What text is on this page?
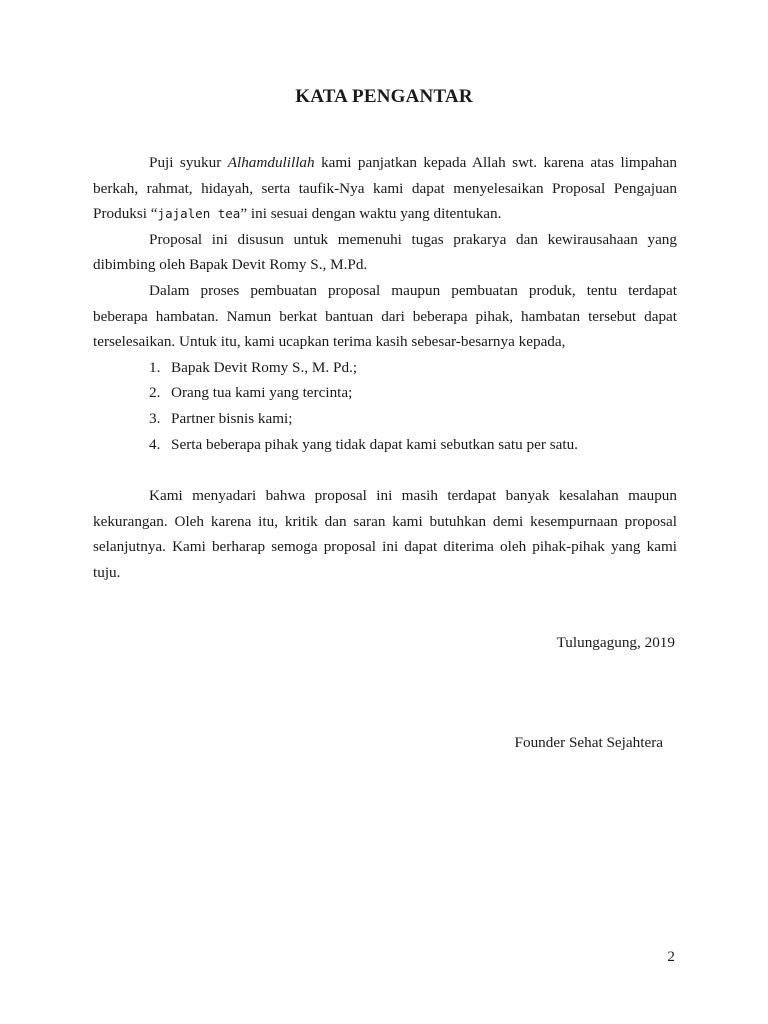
KATA PENGANTAR

Puji syukur Alhamdulillah kami panjatkan kepada Allah swt. karena atas limpahan berkah, rahmat, hidayah, serta taufik-Nya kami dapat menyelesaikan Proposal Pengajuan Produksi “jajalen tea” ini sesuai dengan waktu yang ditentukan.

Proposal ini disusun untuk memenuhi tugas prakarya dan kewirausahaan yang dibimbing oleh Bapak Devit Romy S., M.Pd.

Dalam proses pembuatan proposal maupun pembuatan produk, tentu terdapat beberapa hambatan. Namun berkat bantuan dari beberapa pihak, hambatan tersebut dapat terselesaikan. Untuk itu, kami ucapkan terima kasih sebesar-besarnya kepada,

1. Bapak Devit Romy S., M. Pd.;
2. Orang tua kami yang tercinta;
3. Partner bisnis kami;
4. Serta beberapa pihak yang tidak dapat kami sebutkan satu per satu.

Kami menyadari bahwa proposal ini masih terdapat banyak kesalahan maupun kekurangan. Oleh karena itu, kritik dan saran kami butuhkan demi kesempurnaan proposal selanjutnya. Kami berharap semoga proposal ini dapat diterima oleh pihak-pihak yang kami tuju.

Tulungagung, 2019

Founder Sehat Sejahtera

2
